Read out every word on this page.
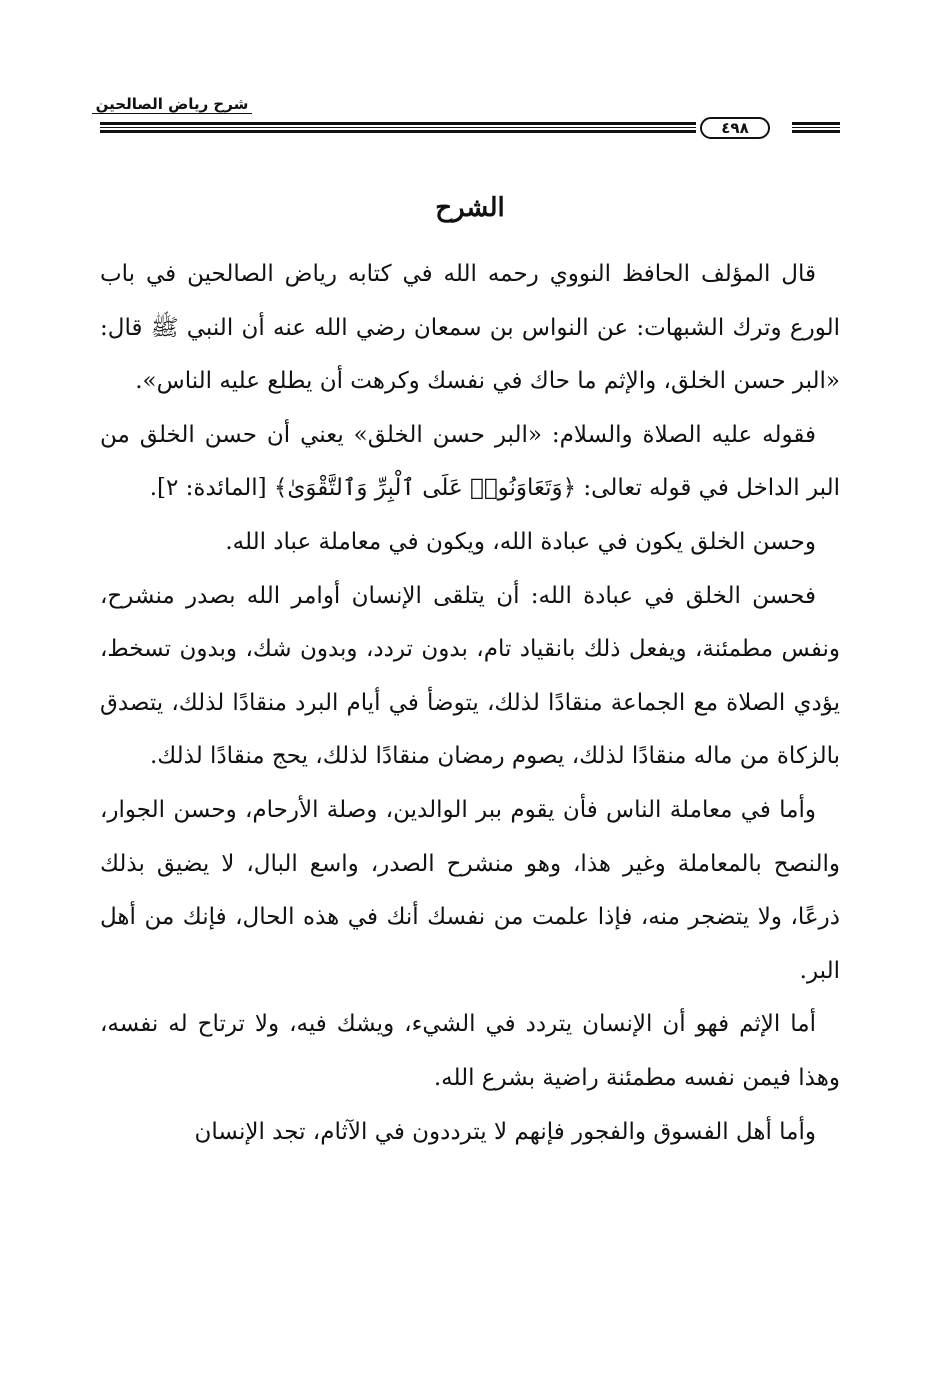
شرح رياض الصالحين
٤٩٨
الشرح

قال المؤلف الحافظ النووي رحمه الله في كتابه رياض الصالحين في باب الورع وترك الشبهات: عن النواس بن سمعان رضي الله عنه أن النبي ﷺ قال: «البر حسن الخلق، والإثم ما حاك في نفسك وكرهت أن يطلع عليه الناس».

فقوله عليه الصلاة والسلام: «البر حسن الخلق» يعني أن حسن الخلق من البر الداخل في قوله تعالى: ﴿وَتَعَاوَنُوا۟ عَلَى ٱلْبِرِّ وَٱلتَّقْوَىٰ﴾ [المائدة: ٢].

وحسن الخلق يكون في عبادة الله، ويكون في معاملة عباد الله.

فحسن الخلق في عبادة الله: أن يتلقى الإنسان أوامر الله بصدر منشرح، ونفس مطمئنة، ويفعل ذلك بانقياد تام، بدون تردد، وبدون شك، وبدون تسخط، يؤدي الصلاة مع الجماعة منقادًا لذلك، يتوضأ في أيام البرد منقادًا لذلك، يتصدق بالزكاة من ماله منقادًا لذلك، يصوم رمضان منقادًا لذلك، يحج منقادًا لذلك.

وأما في معاملة الناس فأن يقوم ببر الوالدين، وصلة الأرحام، وحسن الجوار، والنصح بالمعاملة وغير هذا، وهو منشرح الصدر، واسع البال، لا يضيق بذلك ذرعًا، ولا يتضجر منه، فإذا علمت من نفسك أنك في هذه الحال، فإنك من أهل البر.

أما الإثم فهو أن الإنسان يتردد في الشيء، ويشك فيه، ولا ترتاح له نفسه، وهذا فيمن نفسه مطمئنة راضية بشرع الله.

وأما أهل الفسوق والفجور فإنهم لا يترددون في الآثام، تجد الإنسان
